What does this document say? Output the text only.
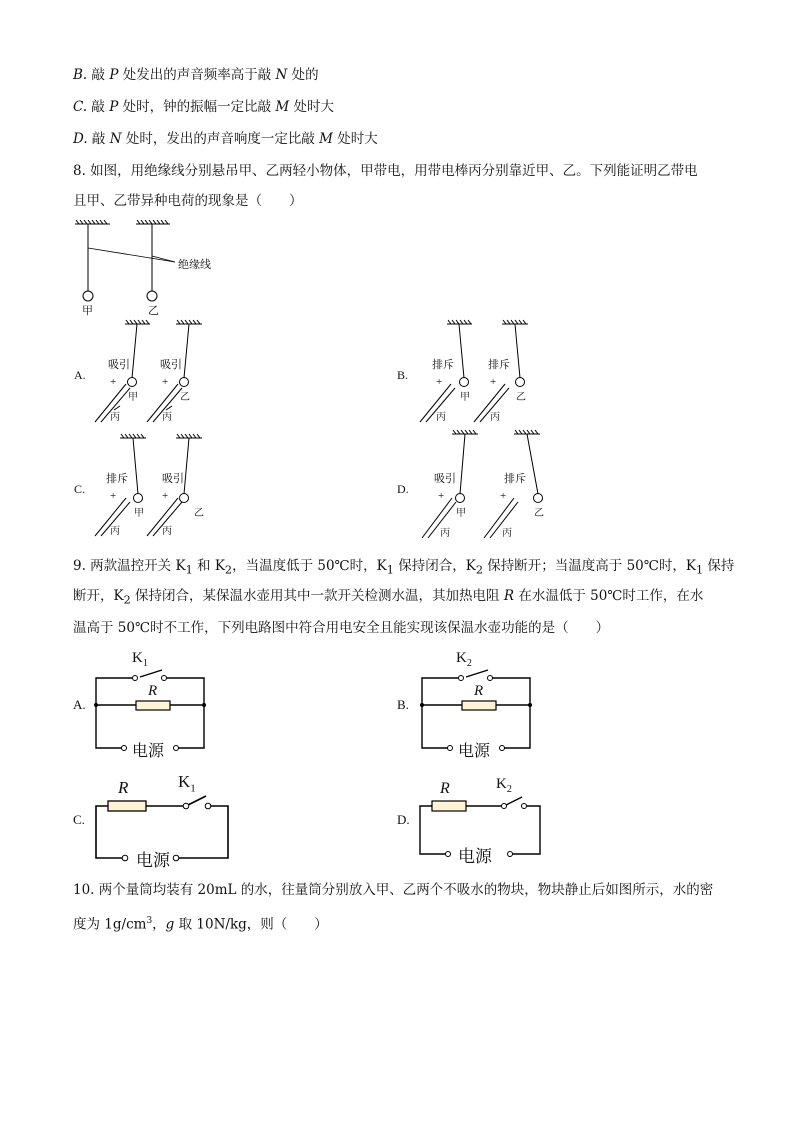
B. 敲 P 处发出的声音频率高于敲 N 处的
C. 敲 P 处时，钟的振幅一定比敲 M 处时大
D. 敲 N 处时，发出的声音响度一定比敲 M 处时大
8. 如图，用绝缘线分别悬吊甲、乙两轻小物体，甲带电，用带电棒丙分别靠近甲、乙。下列能证明乙带电
且甲、乙带异种电荷的现象是（　　）
绝缘线
甲	乙
A.
吸引	吸引
+	+
甲	乙
丙	丙
B.
排斥	排斥
+	+
甲	乙
丙	丙
C.
排斥	吸引
+	+
甲	乙
丙	丙
D.
吸引	排斥
+	+
甲	乙
丙	丙
9. 两款温控开关 $K_1$ 和 $K_2$，当温度低于 50℃时，$K_1$ 保持闭合，$K_2$ 保持断开；当温度高于 50℃时，$K_1$ 保持
断开，$K_2$ 保持闭合，某保温水壶用其中一款开关检测水温，其加热电阻 R 在水温低于 50℃时工作，在水
温高于 50℃时不工作，下列电路图中符合用电安全且能实现该保温水壶功能的是（　　）
A.
$K_1$
R
电源
B.
$K_2$
R
电源
C.
R	$K_1$
电源
D.
R	$K_2$
电源
10. 两个量筒均装有 20mL 的水，往量筒分别放入甲、乙两个不吸水的物块，物块静止后如图所示，水的密
度为 $1g/cm^3$，g 取 10N/kg，则（　　）
